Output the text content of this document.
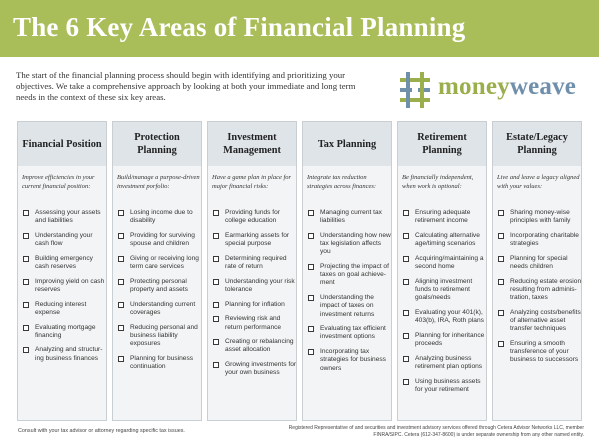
The 6 Key Areas of Financial Planning

The start of the financial planning process should begin with identifying and prioritizing your objectives. We take a comprehensive approach by looking at both your immediate and long term needs in the context of these six key areas.	moneyweave
Financial Position
Improve efficiencies in your current financial position:
Assessing your assets and liabilities
Understanding your cash flow
Building emergency cash reserves
Improving yield on cash reserves
Reducing interest expense
Evaluating mortgage financing
Analyzing and structur-ing business finances
Protection Planning
Build/manage a purpose-driven investment porfolio:
Losing income due to disability
Providing for surviving spouse and children
Giving or receiving long term care services
Protecting personal property and assets
Understanding current coverages
Reducing personal and business liability exposures
Planning for business continuation
Investment Management
Have a game plan in place for major financial risks:
Providing funds for college education
Earmarking assets for special purpose
Determining required rate of return
Understanding your risk tolerance
Planning for inflation
Reviewing risk and return performance
Creating or rebalancing asset allocation
Growing investments for your own business
Tax Planning
Integrate tax reduction strategies across finances:
Managing current tax liabilities
Understanding how new tax legislation affects you
Projecting the impact of taxes on goal achieve-ment
Understanding the impact of taxes on investment returns
Evaluating tax efficient investment options
Incorporating tax strategies for business owners
Retirement Planning
Be financially independent, when work is optional:
Ensuring adequate retirement income
Calculating alternative age/timing scenarios
Acquiring/maintaining a second home
Aligning investment funds to retirement goals/needs
Evaluating your 401(k), 403(b), IRA, Roth plans
Planning for inheritance proceeds
Analyzing business retirement plan options
Using business assets for your retirement
Estate/Legacy Planning
Live and leave a legacy aligned with your values:
Sharing money-wise principles with family
Incorporating charitable strategies
Planning for special needs children
Reducing estate erosion resulting from adminis-tration, taxes
Analyzing costs/benefits of alternative asset transfer techniques
Ensuring a smooth transference of your business to successors
Consult with your tax advisor or attorney regarding specific tax issues.	Registered Representative of and securities and investment advisory services offered through Cetera Advisor Networks LLC, member
FINRA/SIPC. Cetera (612-347-8600) is under separate ownership from any other named entity.
